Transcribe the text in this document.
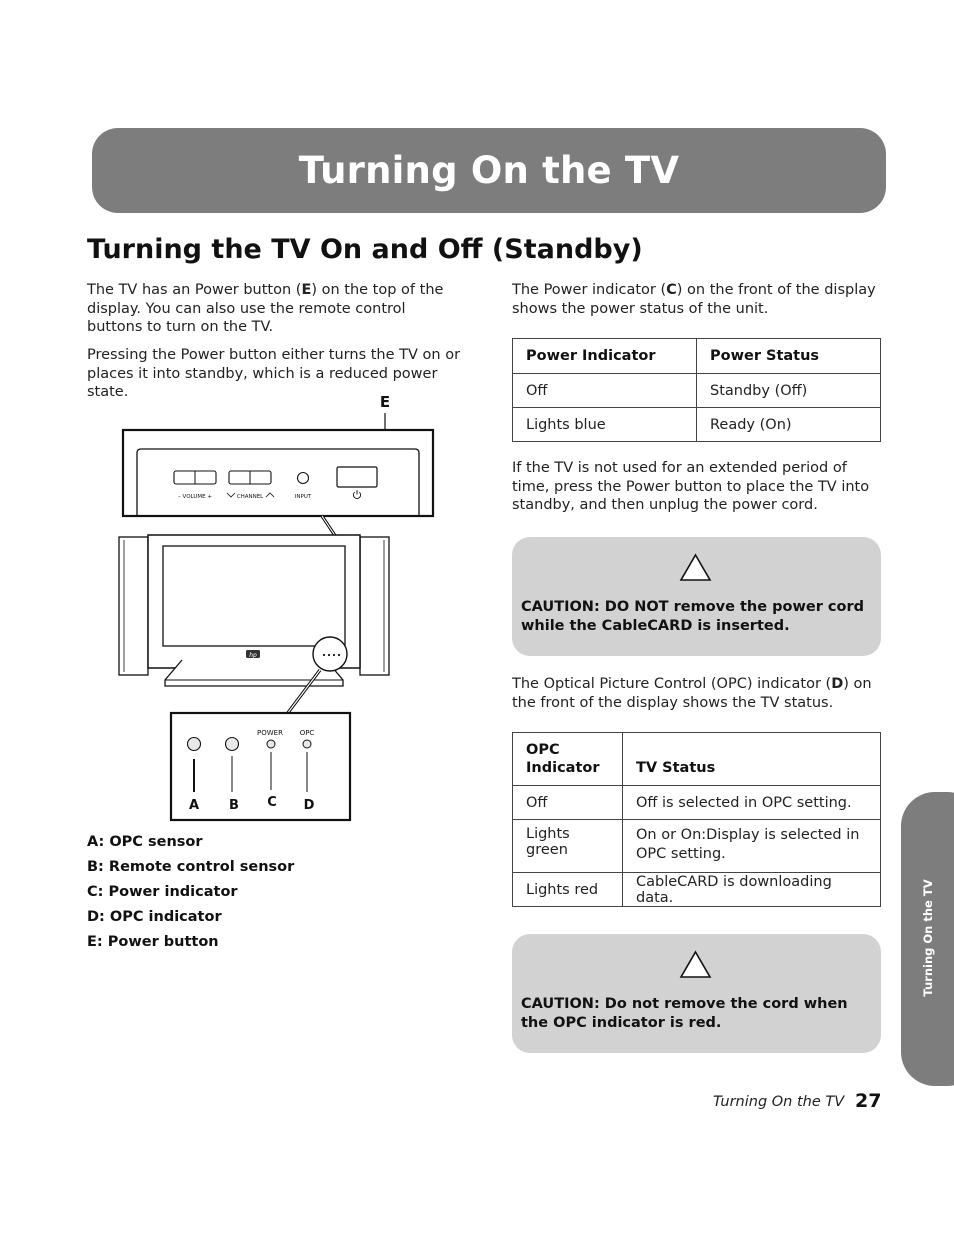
Turning On the TV
Turning the TV On and Off (Standby)
The TV has an Power button (E) on the top of the display. You can also use the remote control buttons to turn on the TV.
Pressing the Power button either turns the TV on or places it into standby, which is a reduced power state.
E
– VOLUME +	CHANNEL	INPUT
hp
POWER OPC
A B C D
A: OPC sensor
B: Remote control sensor
C: Power indicator
D: OPC indicator
E: Power button
The Power indicator (C) on the front of the display shows the power status of the unit.
Power Indicator	Power Status
Off	Standby (Off)
Lights blue	Ready (On)
If the TV is not used for an extended period of time, press the Power button to place the TV into standby, and then unplug the power cord.
CAUTION: DO NOT remove the power cord while the CableCARD is inserted.
The Optical Picture Control (OPC) indicator (D) on the front of the display shows the TV status.
OPC Indicator	TV Status
Off	Off is selected in OPC setting.
Lights green	On or On:Display is selected in OPC setting.
Lights red	CableCARD is downloading data.
CAUTION: Do not remove the cord when the OPC indicator is red.
Turning On the TV
Turning On the TV 27
